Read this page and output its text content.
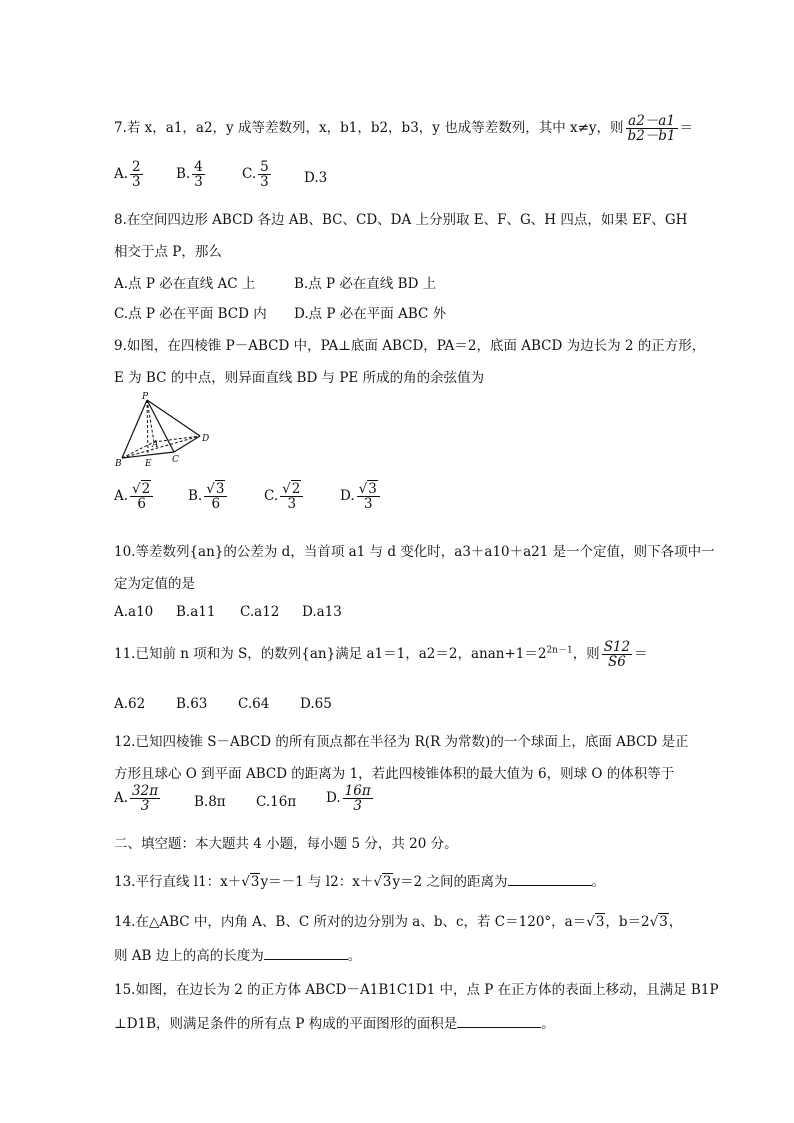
7.若 x，a1，a2，y 成等差数列，x，b1，b2，b3，y 也成等差数列，其中 x≠y，则 $\frac{a2-a1}{b2-b1}$ ＝
A. $\frac{2}{3} B$. $\frac{4}{3}$	C. $\frac{5}{3} D.3$
8.在空间四边形 ABCD 各边 AB、BC、CD、DA 上分别取 E、F、G、H 四点，如果 EF、GH
相交于点 P，那么
A.点 P 必在直线 AC 上	B.点 P 必在直线 BD 上
C.点 P 必在平面 BCD 内 D.点 P 必在平面 ABC 外
9.如图，在四棱锥 P－ABCD 中，PA⊥底面 ABCD，PA＝2，底面 ABCD 为边长为 2 的正方形，
E 为 BC 的中点，则异面直线 BD 与 PE 所成的角的余弦值为
P
A
B	E C
D
A. $\frac{√2}{6}$	B. $\frac{√3}{6}$	C. $\frac{√2}{3}$	D. $\frac{√3}{3}$
10.等差数列{an}的公差为 d，当首项 a1 与 d 变化时，a3＋a10＋a21 是一个定值，则下各项中一
定为定值的是
A.a10 B.a11 C.a12 D.a13
11.已知前 n 项和为 S，的数列{an}满足 a1＝1，a2＝2，$anan+1=2^{2n-1}$，则 $\frac{S12}{S6}$ ＝
A.62 B.63 C.64 D.65
12.已知四棱锥 S－ABCD 的所有顶点都在半径为 R(R 为常数)的一个球面上，底面 ABCD 是正
方形且球心 O 到平面 ABCD 的距离为 1，若此四棱锥体积的最大值为 6，则球 O 的体积等于
A. $\frac{32\pi}{3}$	B.8π C.16π D. $\frac{16\pi}{3}$
二、填空题：本大题共 4 小题，每小题 5 分，共 20 分。
13.平行直线 l1：x＋√3y＝－1 与 l2：x＋√3y＝2 之间的距离为	。
14.在△ABC 中，内角 A、B、C 所对的边分别为 a、b、c，若 C＝120°，a＝√3，b＝2√3，
则 AB 边上的高的长度为	。
15.如图，在边长为 2 的正方体 ABCD－A1B1C1D1 中，点 P 在正方体的表面上移动，且满足 B1P
⊥D1B，则满足条件的所有点 P 构成的平面图形的面积是	。
